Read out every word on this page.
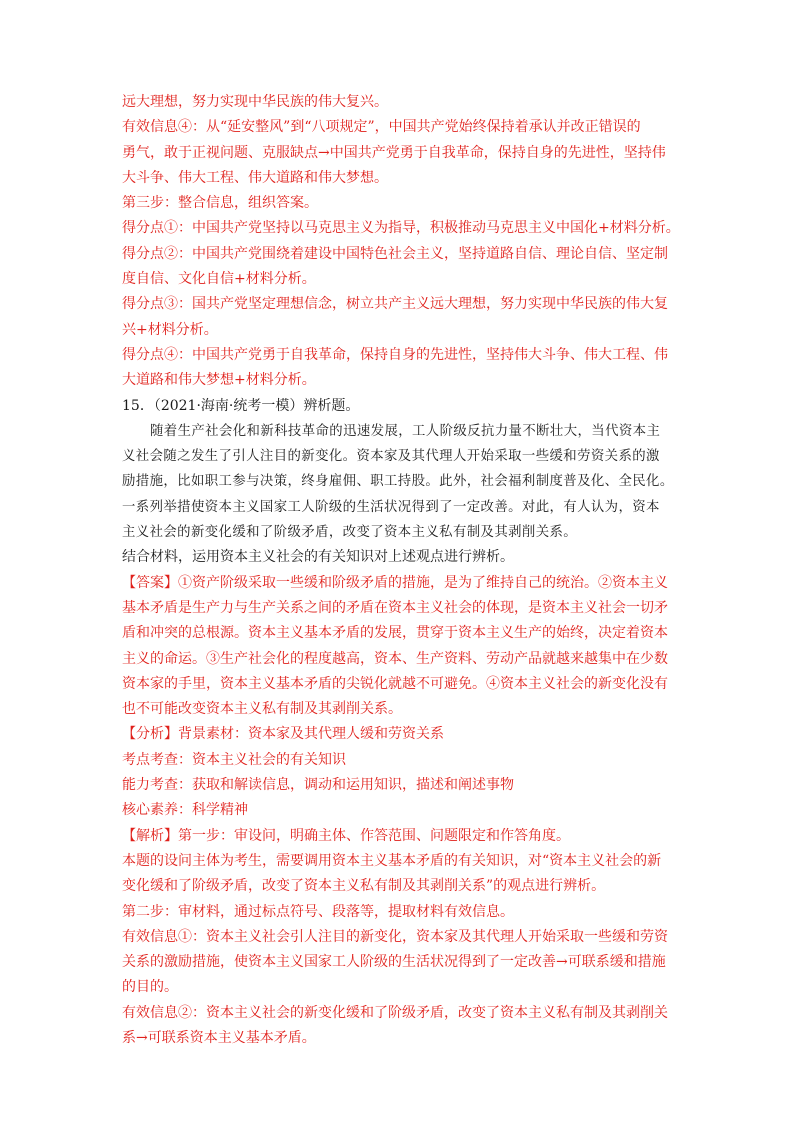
远大理想，努力实现中华民族的伟大复兴。

有效信息④：从“延安整风”到“八项规定”，中国共产党始终保持着承认并改正错误的

勇气，敢于正视问题、克服缺点→中国共产党勇于自我革命，保持自身的先进性，坚持伟

大斗争、伟大工程、伟大道路和伟大梦想。

第三步：整合信息，组织答案。

得分点①：中国共产党坚持以马克思主义为指导，积极推动马克思主义中国化+材料分析。

得分点②：中国共产党围绕着建设中国特色社会主义，坚持道路自信、理论自信、坚定制

度自信、文化自信+材料分析。

得分点③：国共产党坚定理想信念，树立共产主义远大理想，努力实现中华民族的伟大复

兴+材料分析。

得分点④：中国共产党勇于自我革命，保持自身的先进性，坚持伟大斗争、伟大工程、伟

大道路和伟大梦想+材料分析。

15．（2021·海南·统考一模）辨析题。

随着生产社会化和新科技革命的迅速发展，工人阶级反抗力量不断壮大，当代资本主

义社会随之发生了引人注目的新变化。资本家及其代理人开始采取一些缓和劳资关系的激

励措施，比如职工参与决策，终身雇佣、职工持股。此外，社会福利制度普及化、全民化。

一系列举措使资本主义国家工人阶级的生活状况得到了一定改善。对此，有人认为，资本

主义社会的新变化缓和了阶级矛盾，改变了资本主义私有制及其剥削关系。

结合材料，运用资本主义社会的有关知识对上述观点进行辨析。

【答案】①资产阶级采取一些缓和阶级矛盾的措施，是为了维持自己的统治。②资本主义

基本矛盾是生产力与生产关系之间的矛盾在资本主义社会的体现，是资本主义社会一切矛

盾和冲突的总根源。资本主义基本矛盾的发展，贯穿于资本主义生产的始终，决定着资本

主义的命运。③生产社会化的程度越高，资本、生产资料、劳动产品就越来越集中在少数

资本家的手里，资本主义基本矛盾的尖锐化就越不可避免。④资本主义社会的新变化没有

也不可能改变资本主义私有制及其剥削关系。

【分析】背景素材：资本家及其代理人缓和劳资关系

考点考查：资本主义社会的有关知识

能力考查：获取和解读信息，调动和运用知识，描述和阐述事物

核心素养：科学精神

【解析】第一步：审设问，明确主体、作答范围、问题限定和作答角度。

本题的设问主体为考生，需要调用资本主义基本矛盾的有关知识，对“资本主义社会的新

变化缓和了阶级矛盾，改变了资本主义私有制及其剥削关系”的观点进行辨析。

第二步：审材料，通过标点符号、段落等，提取材料有效信息。

有效信息①：资本主义社会引人注目的新变化，资本家及其代理人开始采取一些缓和劳资

关系的激励措施，使资本主义国家工人阶级的生活状况得到了一定改善→可联系缓和措施

的目的。

有效信息②：资本主义社会的新变化缓和了阶级矛盾，改变了资本主义私有制及其剥削关

系→可联系资本主义基本矛盾。
